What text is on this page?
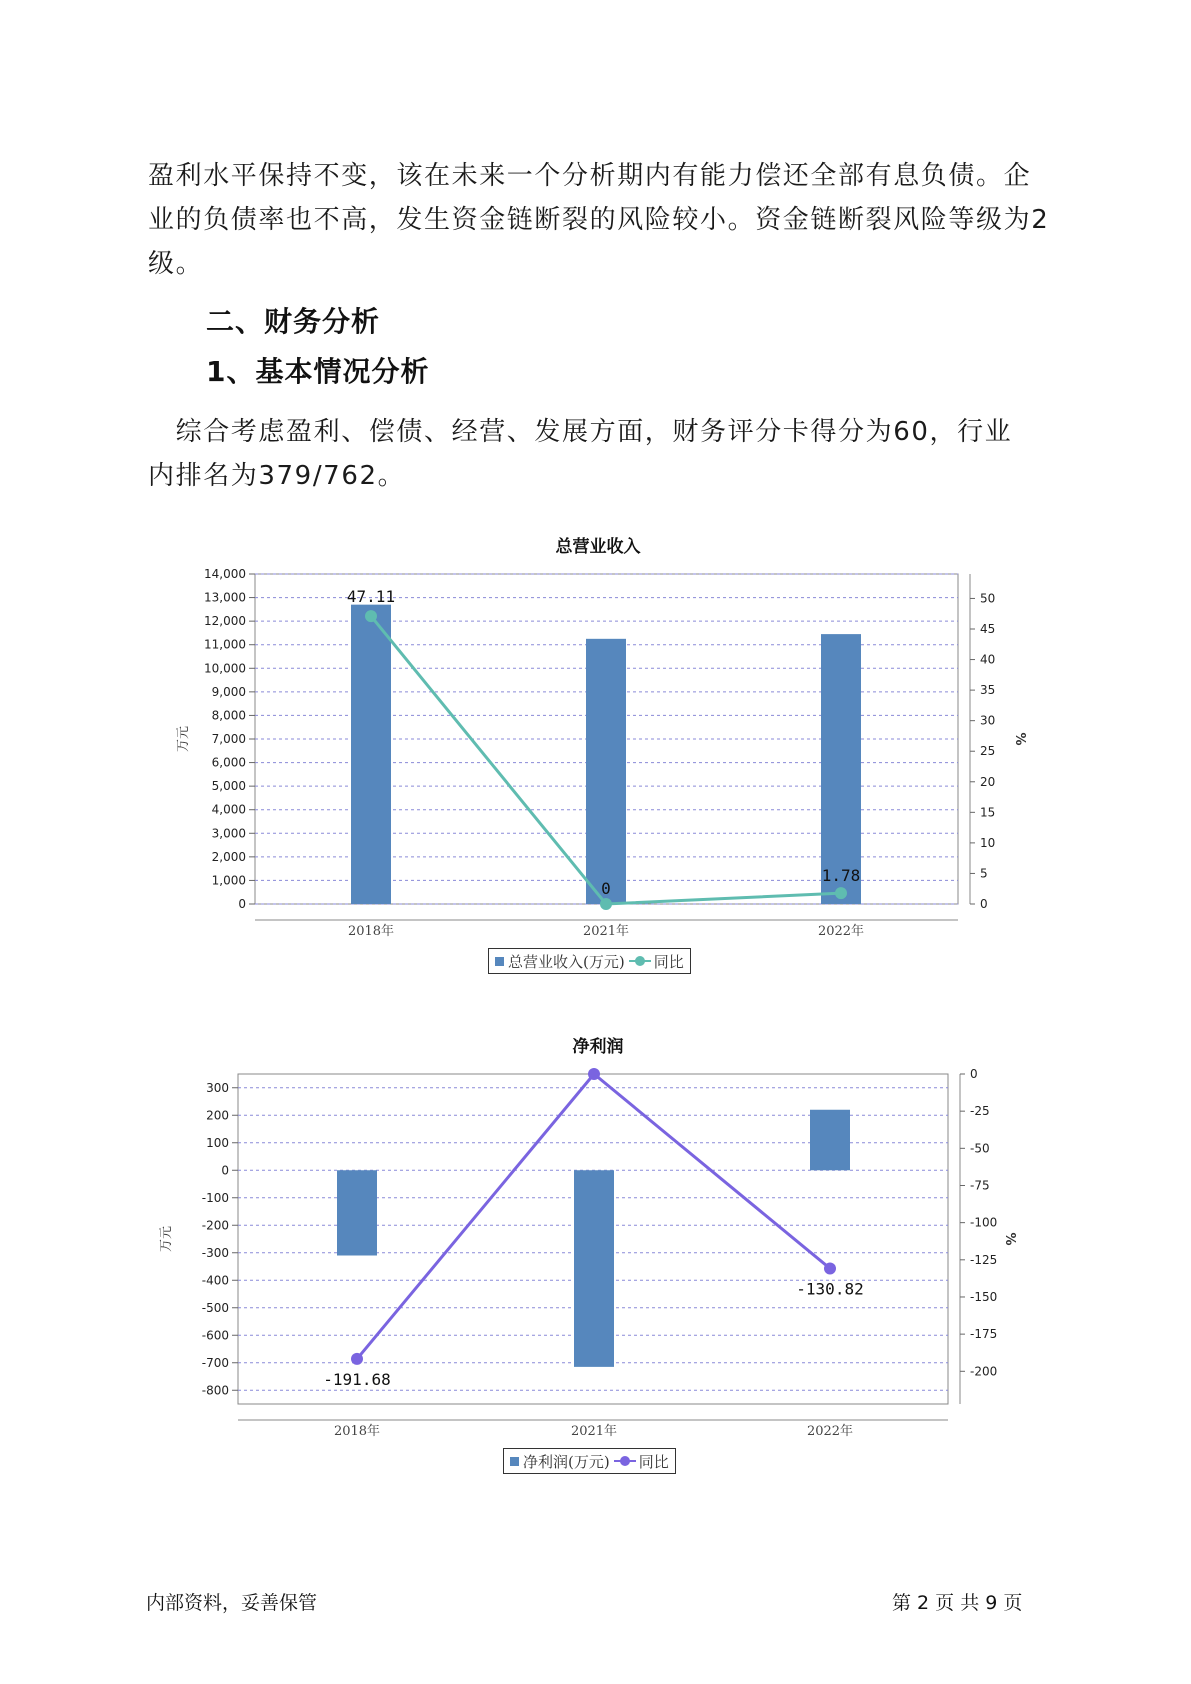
盈利水平保持不变，该在未来一个分析期内有能力偿还全部有息负债。企
业的负债率也不高，发生资金链断裂的风险较小。资金链断裂风险等级为2
级。
二、财务分析
1、基本情况分析
　综合考虑盈利、偿债、经营、发展方面，财务评分卡得分为60，行业
内排名为379/762。
总营业收入
0
1,000
2,000
3,000
4,000
5,000
6,000
7,000
8,000
9,000
10,000
11,000
12,000
13,000
14,000
0
5
10
15
20
25
30
35
40
45
50
万元	%
2018年	2021年	2022年
47.11
0
1.78
总营业收入(万元) 同比
净利润
-800
-700
-600
-500
-400
-300
-200
-100
0
100
200
300
0
-25
-50
-75
-100
-125
-150
-175
-200
万元	%
2018年	2021年	2022年
-191.68
-130.82
净利润(万元) 同比
内部资料，妥善保管	第 2 页 共 9 页
